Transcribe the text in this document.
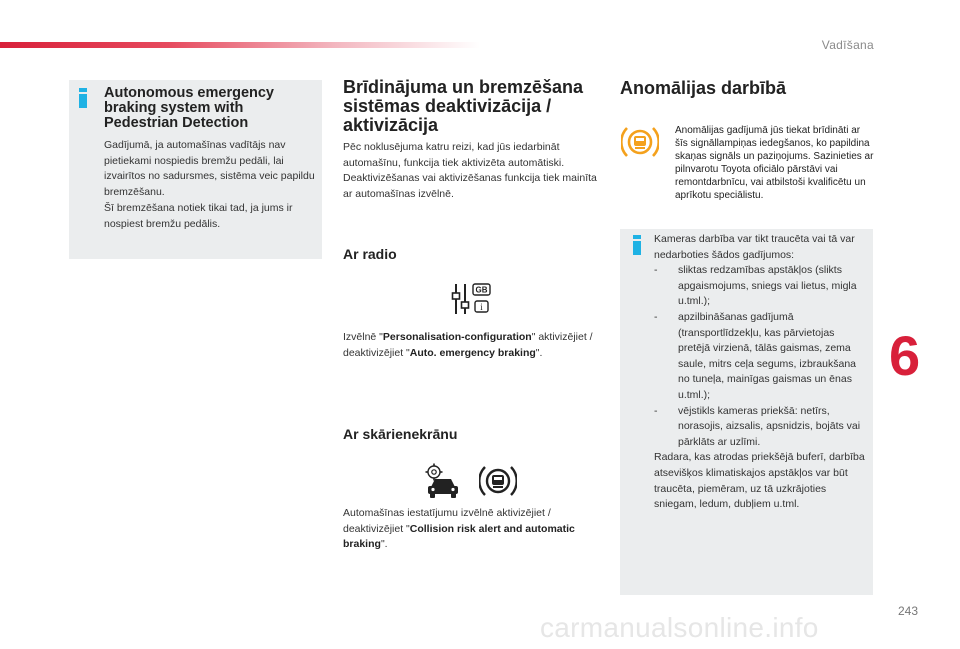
Vadīšana
6
243
carmanualsonline.info
Autonomous emergency braking system with Pedestrian Detection
Gadījumā, ja automašīnas vadītājs nav pietiekami nospiedis bremžu pedāli, lai izvairītos no sadursmes, sistēma veic papildu bremzēšanu.
Šī bremzēšana notiek tikai tad, ja jums ir nospiest bremžu pedālis.
Brīdinājuma un bremzēšana sistēmas deaktivizācija / aktivizācija
Pēc noklusējuma katru reizi, kad jūs iedarbināt automašīnu, funkcija tiek aktivizēta automātiski. Deaktivizēšanas vai aktivizēšanas funkcija tiek mainīta ar automašīnas izvēlnē.
Ar radio
GB
i
Izvēlnē "Personalisation-configuration" aktivizējiet / deaktivizējiet "Auto. emergency braking".
Ar skārienekrānu
Automašīnas iestatījumu izvēlnē aktivizējiet / deaktivizējiet "Collision risk alert and automatic braking".
Anomālijas darbībā
Anomālijas gadījumā jūs tiekat brīdināti ar šīs signāllampiņas iedegšanos, ko papildina skaņas signāls un paziņojums. Sazinieties ar pilnvarotu Toyota oficiālo pārstāvi vai remontdarbnīcu, vai atbilstoši kvalificētu un aprīkotu speciālistu.
Kameras darbība var tikt traucēta vai tā var nedarboties šādos gadījumos:
-	sliktas redzamības apstākļos (slikts apgaismojums, sniegs vai lietus, migla u.tml.);
-	apzilbināšanas gadījumā (transportlīdzekļu, kas pārvietojas pretējā virzienā, tālās gaismas, zema saule, mitrs ceļa segums, izbraukšana no tuneļa, mainīgas gaismas un ēnas u.tml.);
-	vējstikls kameras priekšā: netīrs, norasojis, aizsalis, apsnidzis, bojāts vai pārklāts ar uzlīmi.
Radara, kas atrodas priekšējā buferī, darbība atsevišķos klimatiskajos apstākļos var būt traucēta, piemēram, uz tā uzkrājoties sniegam, ledum, dubļiem u.tml.
